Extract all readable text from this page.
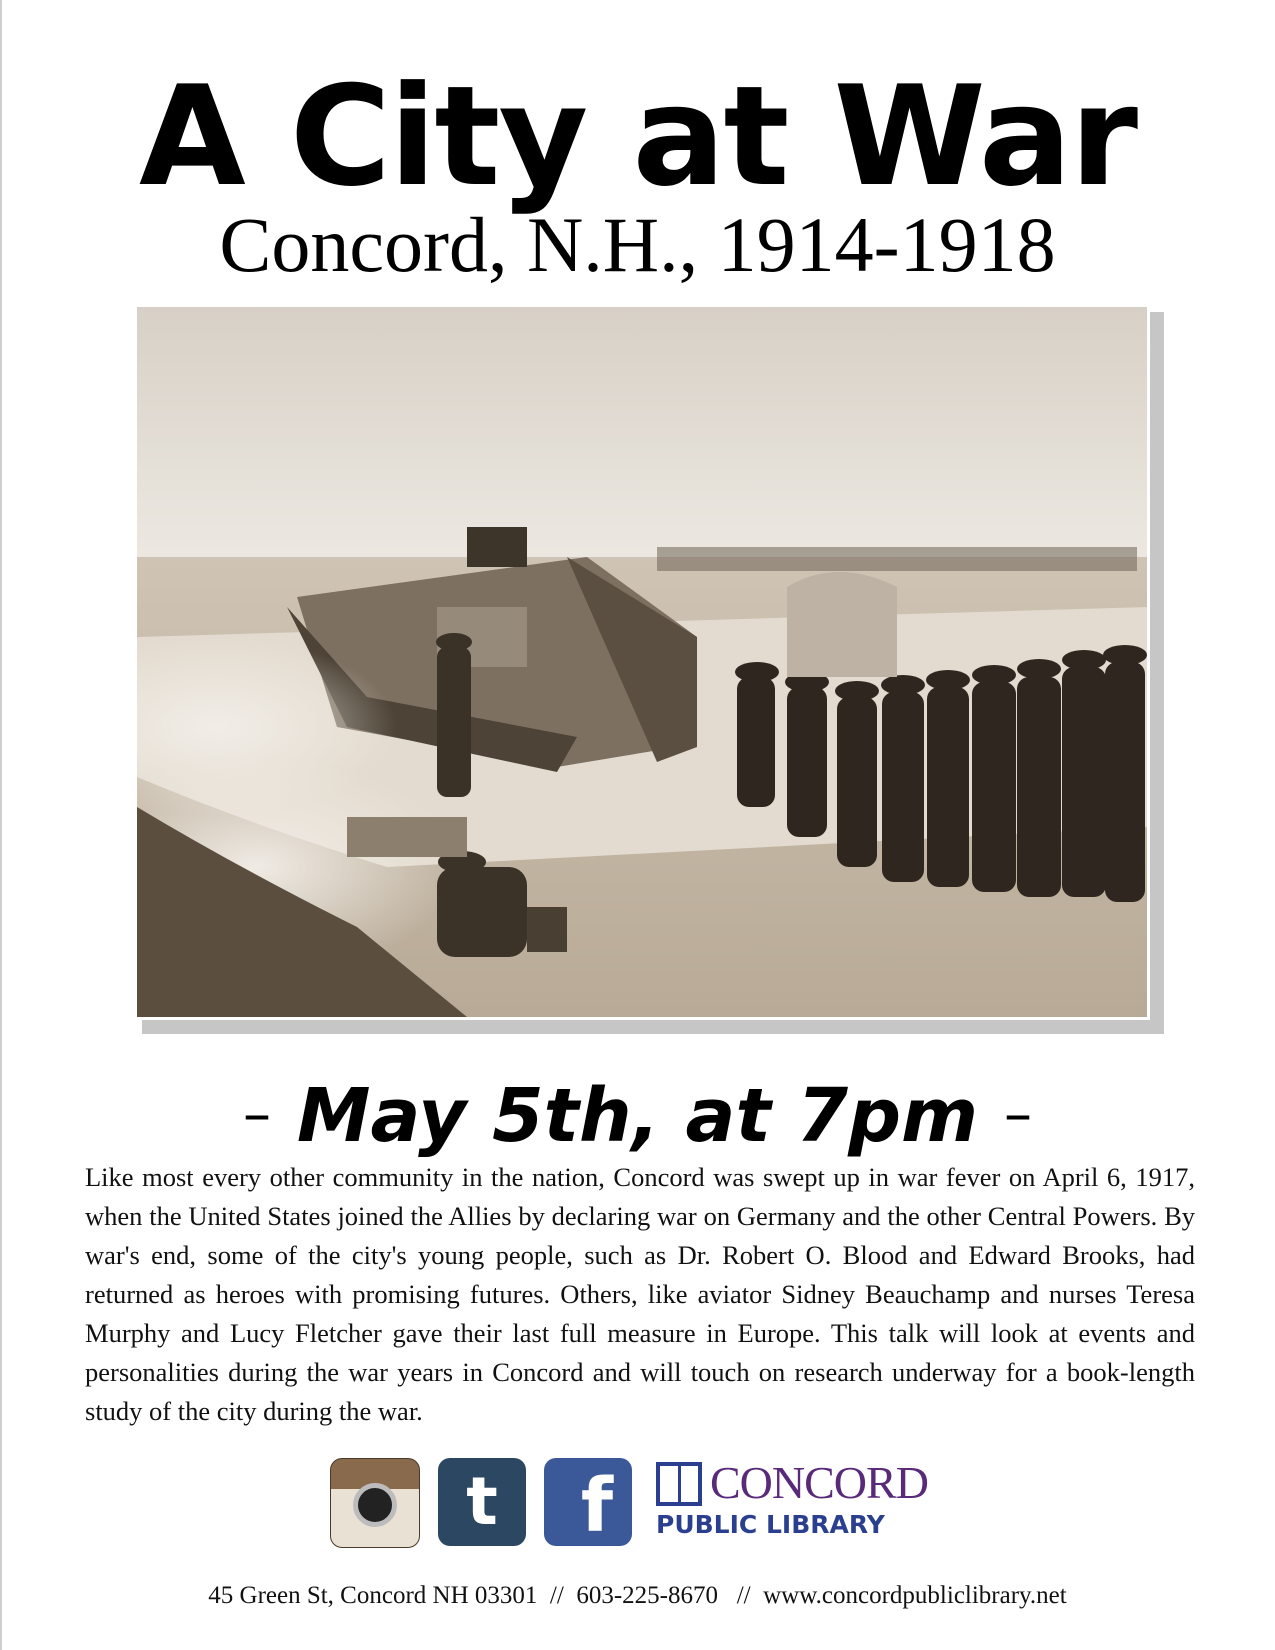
A City at War
Concord, N.H., 1914-1918
– May 5th, at 7pm –

Like most every other community in the nation, Concord was swept up in war fever on April 6, 1917, when the United States joined the Allies by declaring war on Germany and the other Central Powers. By war's end, some of the city's young people, such as Dr. Robert O. Blood and Edward Brooks, had returned as heroes with promising futures. Others, like aviator Sidney Beauchamp and nurses Teresa Murphy and Lucy Fletcher gave their last full measure in Europe. This talk will look at events and personalities during the war years in Concord and will touch on research underway for a book-length study of the city during the war.

t	f	CONCORD
PUBLIC LIBRARY
45 Green St, Concord NH 03301 // 603-225-8670 // www.concordpubliclibrary.net
